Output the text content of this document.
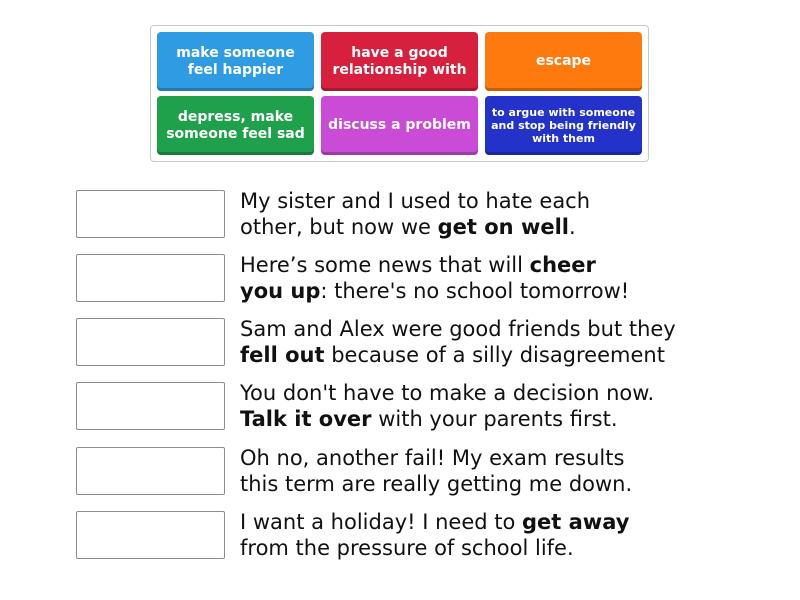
make someone feel happier
have a good relationship with
escape
depress, make someone feel sad
discuss a problem
to argue with someone and stop being friendly with them
My sister and I used to hate each
other, but now we get on well.
Here’s some news that will cheer
you up: there's no school tomorrow!
Sam and Alex were good friends but they
fell out because of a silly disagreement
You don't have to make a decision now.
Talk it over with your parents first.
Oh no, another fail! My exam results
this term are really getting me down.
I want a holiday! I need to get away
from the pressure of school life.
